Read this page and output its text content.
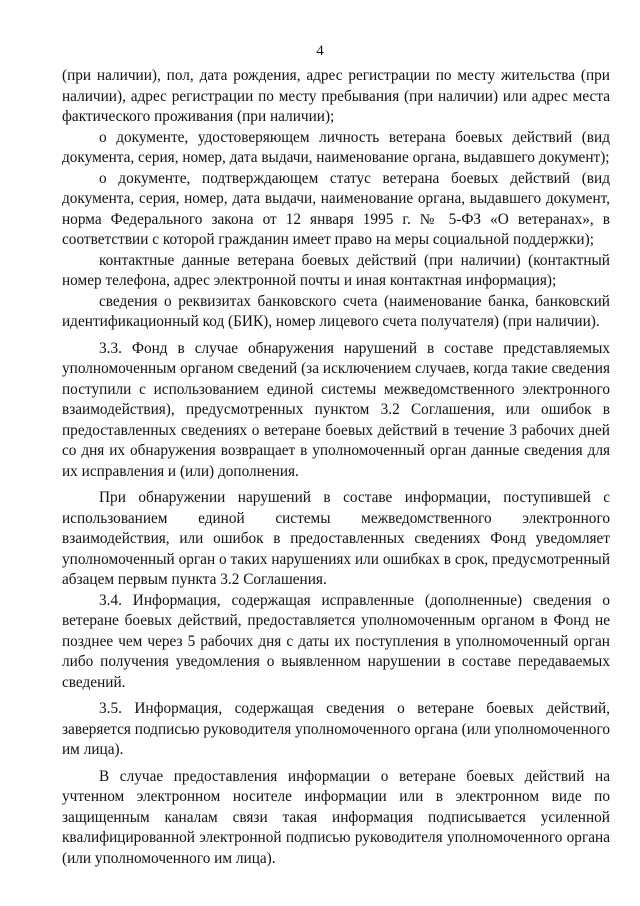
4

(при наличии), пол, дата рождения, адрес регистрации по месту жительства (при наличии), адрес регистрации по месту пребывания (при наличии) или адрес места фактического проживания (при наличии);

о документе, удостоверяющем личность ветерана боевых действий (вид документа, серия, номер, дата выдачи, наименование органа, выдавшего документ);

о документе, подтверждающем статус ветерана боевых действий (вид документа, серия, номер, дата выдачи, наименование органа, выдавшего документ, норма Федерального закона от 12 января 1995 г. № 5-ФЗ «О ветеранах», в соответствии с которой гражданин имеет право на меры социальной поддержки);

контактные данные ветерана боевых действий (при наличии) (контактный номер телефона, адрес электронной почты и иная контактная информация);

сведения о реквизитах банковского счета (наименование банка, банковский идентификационный код (БИК), номер лицевого счета получателя) (при наличии).

3.3. Фонд в случае обнаружения нарушений в составе представляемых уполномоченным органом сведений (за исключением случаев, когда такие сведения поступили с использованием единой системы межведомственного электронного взаимодействия), предусмотренных пунктом 3.2 Соглашения, или ошибок в предоставленных сведениях о ветеране боевых действий в течение 3 рабочих дней со дня их обнаружения возвращает в уполномоченный орган данные сведения для их исправления и (или) дополнения.

При обнаружении нарушений в составе информации, поступившей с использованием единой системы межведомственного электронного взаимодействия, или ошибок в предоставленных сведениях Фонд уведомляет уполномоченный орган о таких нарушениях или ошибках в срок, предусмотренный абзацем первым пункта 3.2 Соглашения.

3.4. Информация, содержащая исправленные (дополненные) сведения о ветеране боевых действий, предоставляется уполномоченным органом в Фонд не позднее чем через 5 рабочих дня с даты их поступления в уполномоченный орган либо получения уведомления о выявленном нарушении в составе передаваемых сведений.

3.5. Информация, содержащая сведения о ветеране боевых действий, заверяется подписью руководителя уполномоченного органа (или уполномоченного им лица).

В случае предоставления информации о ветеране боевых действий на учтенном электронном носителе информации или в электронном виде по защищенным каналам связи такая информация подписывается усиленной квалифицированной электронной подписью руководителя уполномоченного органа (или уполномоченного им лица).
